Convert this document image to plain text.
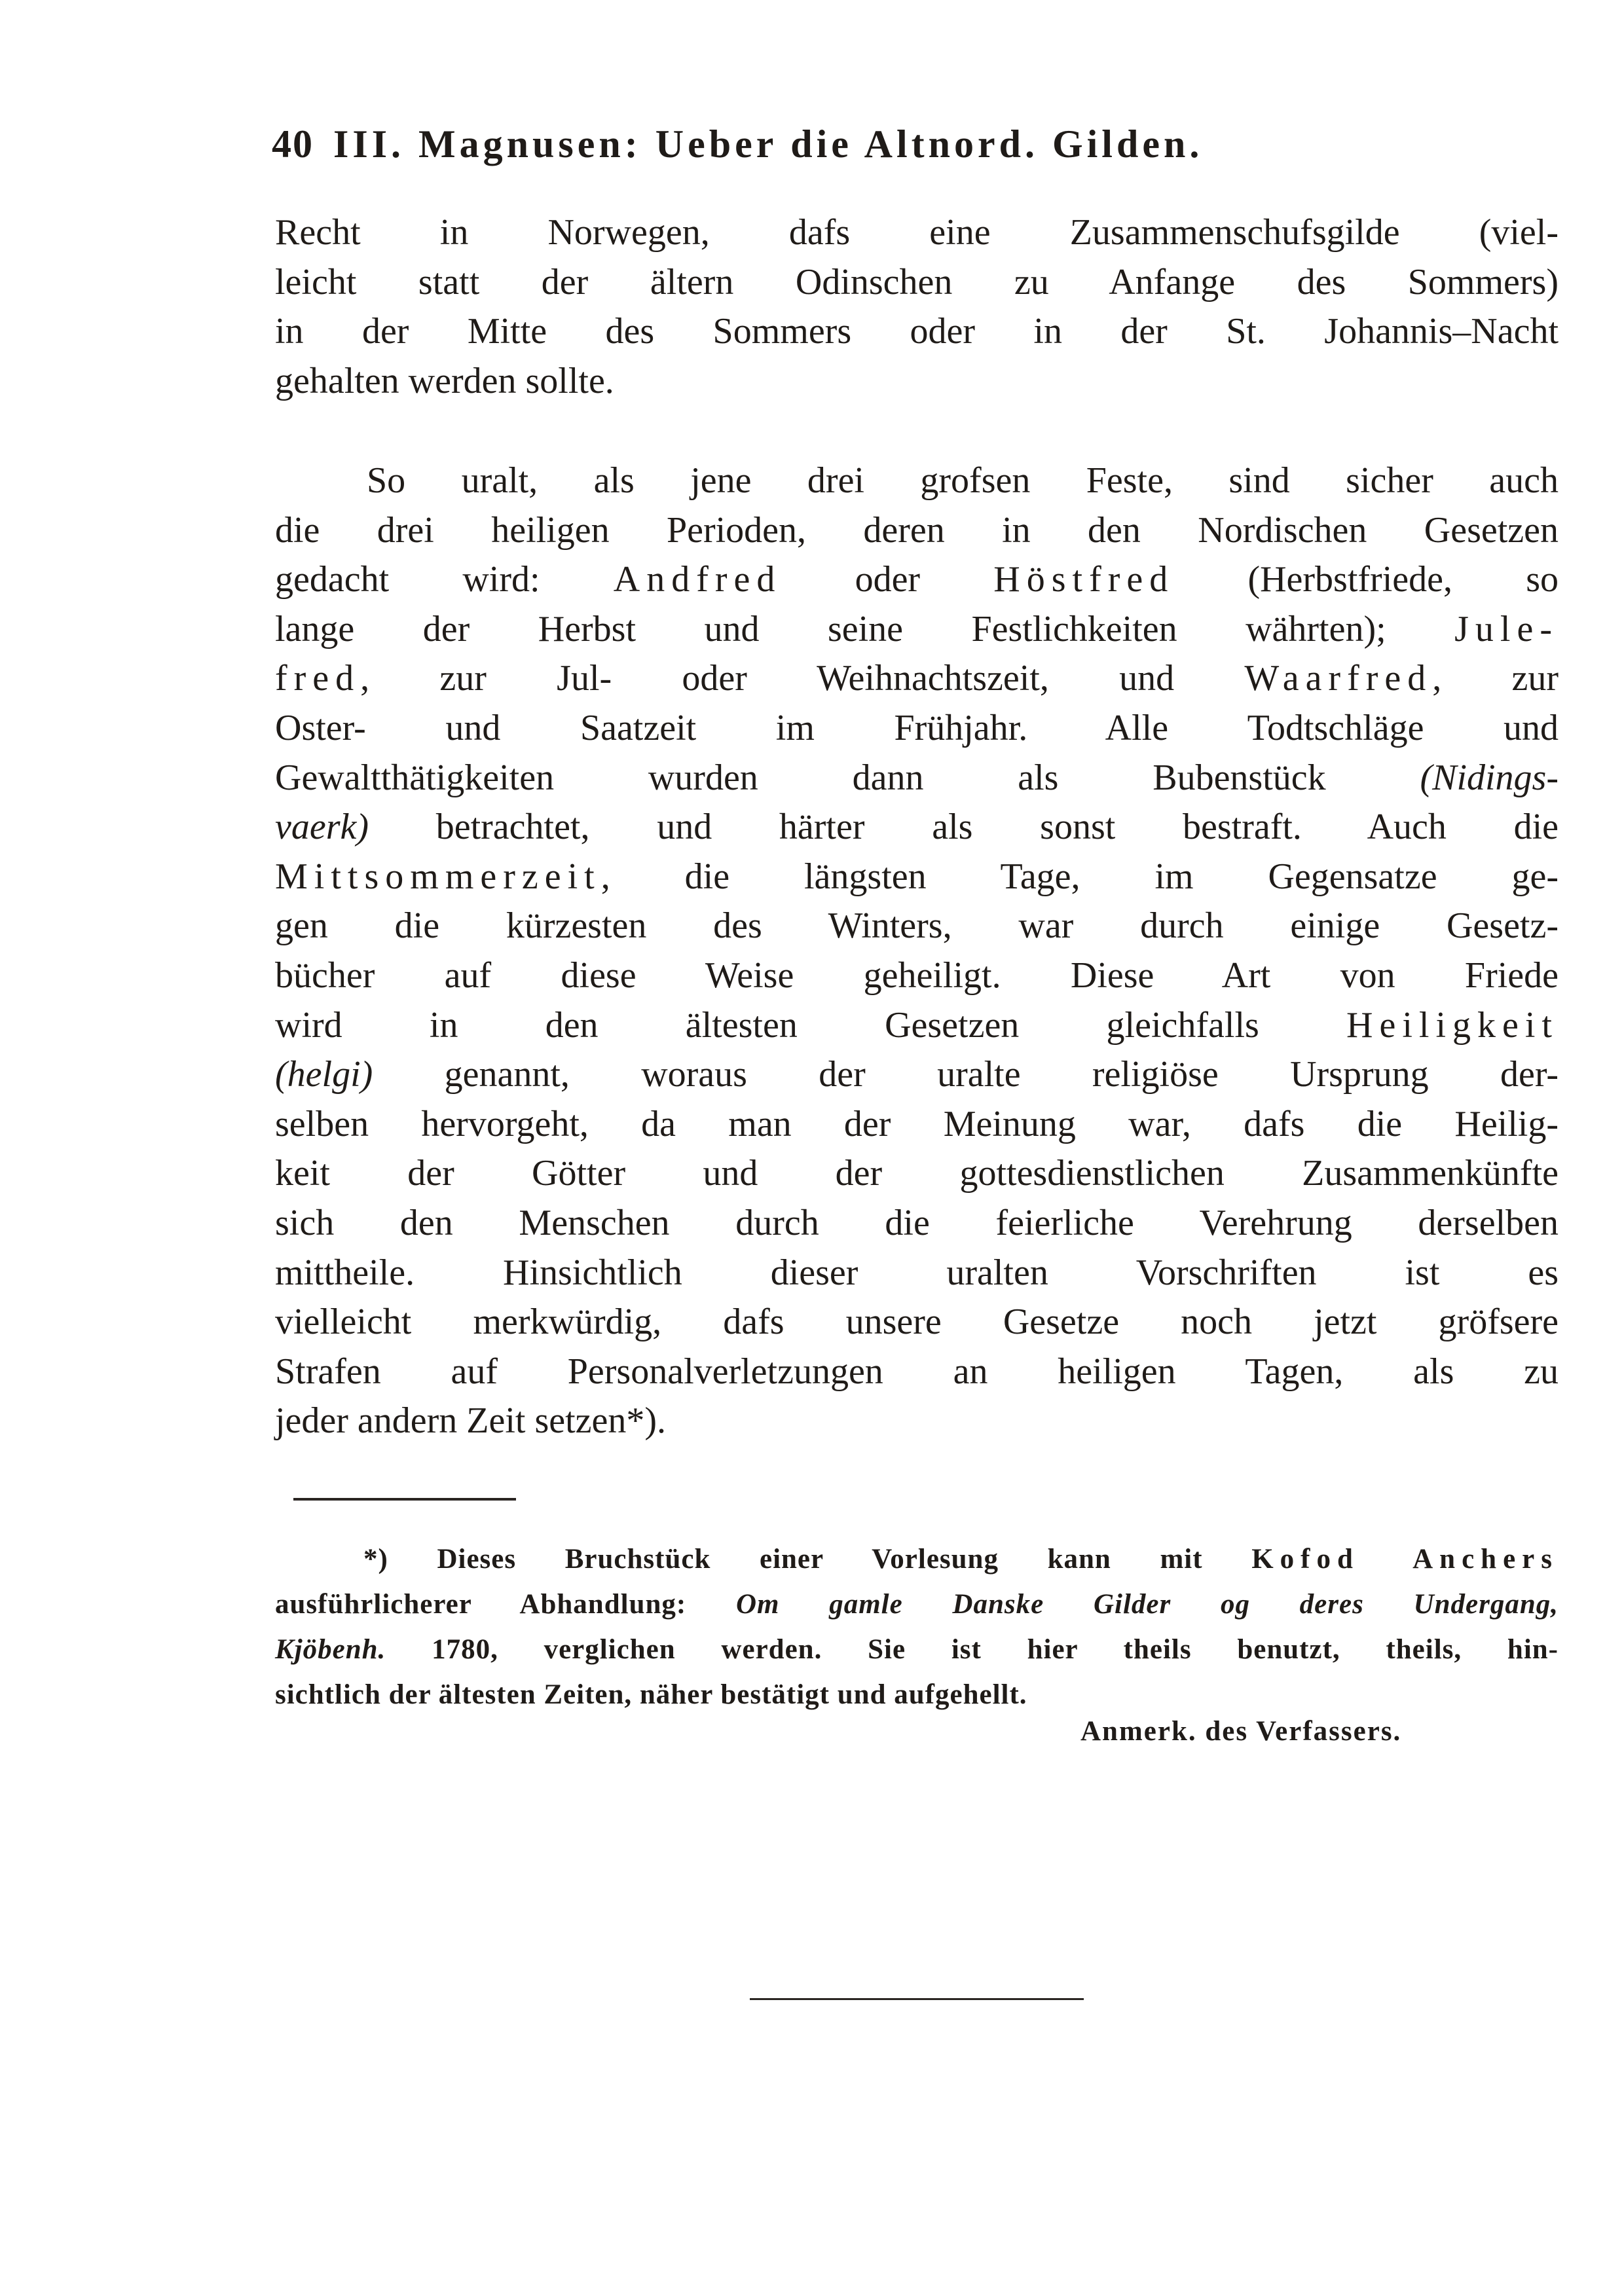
40 III. Magnusen: Ueber die Altnord. Gilden.
Recht in Norwegen, dafs eine Zusammenschufsgilde (viel-
leicht statt der ältern Odinschen zu Anfange des Sommers)
in der Mitte des Sommers oder in der St. Johannis–Nacht
gehalten werden sollte.
So uralt, als jene drei grofsen Feste, sind sicher auch
die drei heiligen Perioden, deren in den Nordischen Gesetzen
gedacht wird: Andfred oder Höstfred (Herbstfriede, so
lange der Herbst und seine Festlichkeiten währten); Jule-
fred, zur Jul- oder Weihnachtszeit, und Waarfred, zur
Oster- und Saatzeit im Frühjahr. Alle Todtschläge und
Gewaltthätigkeiten wurden dann als Bubenstück (Nidings-
vaerk) betrachtet, und härter als sonst bestraft. Auch die
Mittsommerzeit, die längsten Tage, im Gegensatze ge-
gen die kürzesten des Winters, war durch einige Gesetz-
bücher auf diese Weise geheiligt. Diese Art von Friede
wird in den ältesten Gesetzen gleichfalls Heiligkeit
(helgi) genannt, woraus der uralte religiöse Ursprung der-
selben hervorgeht, da man der Meinung war, dafs die Heilig-
keit der Götter und der gottesdienstlichen Zusammenkünfte
sich den Menschen durch die feierliche Verehrung derselben
mittheile. Hinsichtlich dieser uralten Vorschriften ist es
vielleicht merkwürdig, dafs unsere Gesetze noch jetzt gröfsere
Strafen auf Personalverletzungen an heiligen Tagen, als zu
jeder andern Zeit setzen*).
*) Dieses Bruchstück einer Vorlesung kann mit Kofod Anchers
ausführlicherer Abhandlung: Om gamle Danske Gilder og deres Undergang,
Kjöbenh. 1780, verglichen werden. Sie ist hier theils benutzt, theils, hin-
sichtlich der ältesten Zeiten, näher bestätigt und aufgehellt.
Anmerk. des Verfassers.
